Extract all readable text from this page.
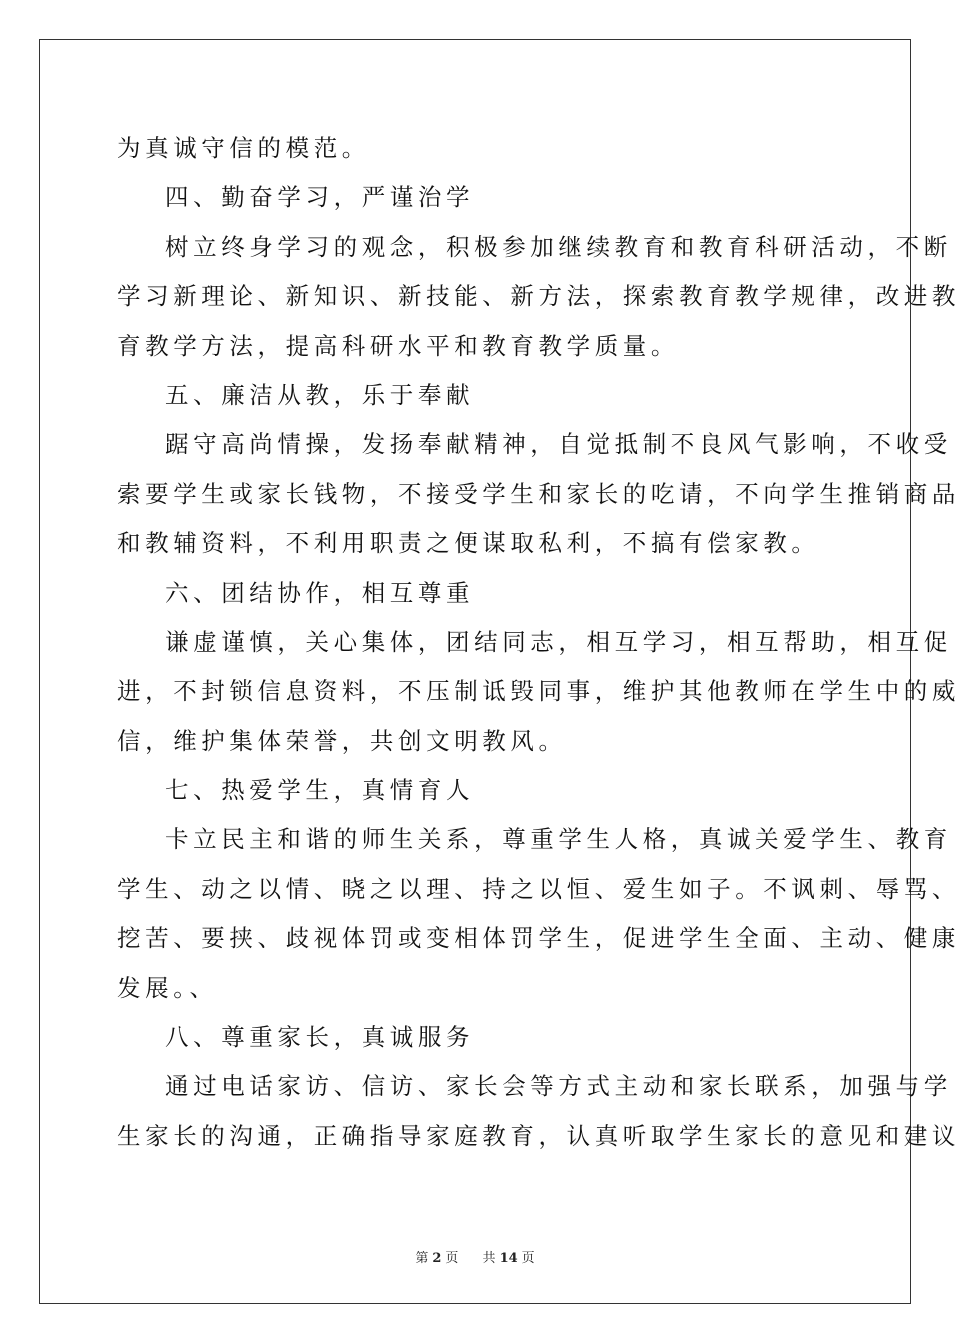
为真诚守信的模范。
四、勤奋学习，严谨治学
树立终身学习的观念，积极参加继续教育和教育科研活动，不断
学习新理论、新知识、新技能、新方法，探索教育教学规律，改进教
育教学方法，提高科研水平和教育教学质量。
五、廉洁从教，乐于奉献
踞守高尚情操，发扬奉献精神，自觉抵制不良风气影响，不收受
索要学生或家长钱物，不接受学生和家长的吃请，不向学生推销商品
和教辅资料，不利用职责之便谋取私利，不搞有偿家教。
六、团结协作，相互尊重
谦虚谨慎，关心集体，团结同志，相互学习，相互帮助，相互促
进，不封锁信息资料，不压制诋毁同事，维护其他教师在学生中的威
信，维护集体荣誉，共创文明教风。
七、热爱学生，真情育人
卡立民主和谐的师生关系，尊重学生人格，真诚关爱学生、教育
学生、动之以情、晓之以理、持之以恒、爱生如子。不讽刺、辱骂、
挖苦、要挟、歧视体罚或变相体罚学生，促进学生全面、主动、健康
发展。、
八、尊重家长，真诚服务
通过电话家访、信访、家长会等方式主动和家长联系，加强与学
生家长的沟通，正确指导家庭教育，认真听取学生家长的意见和建议
第 2 页 共 14 页
